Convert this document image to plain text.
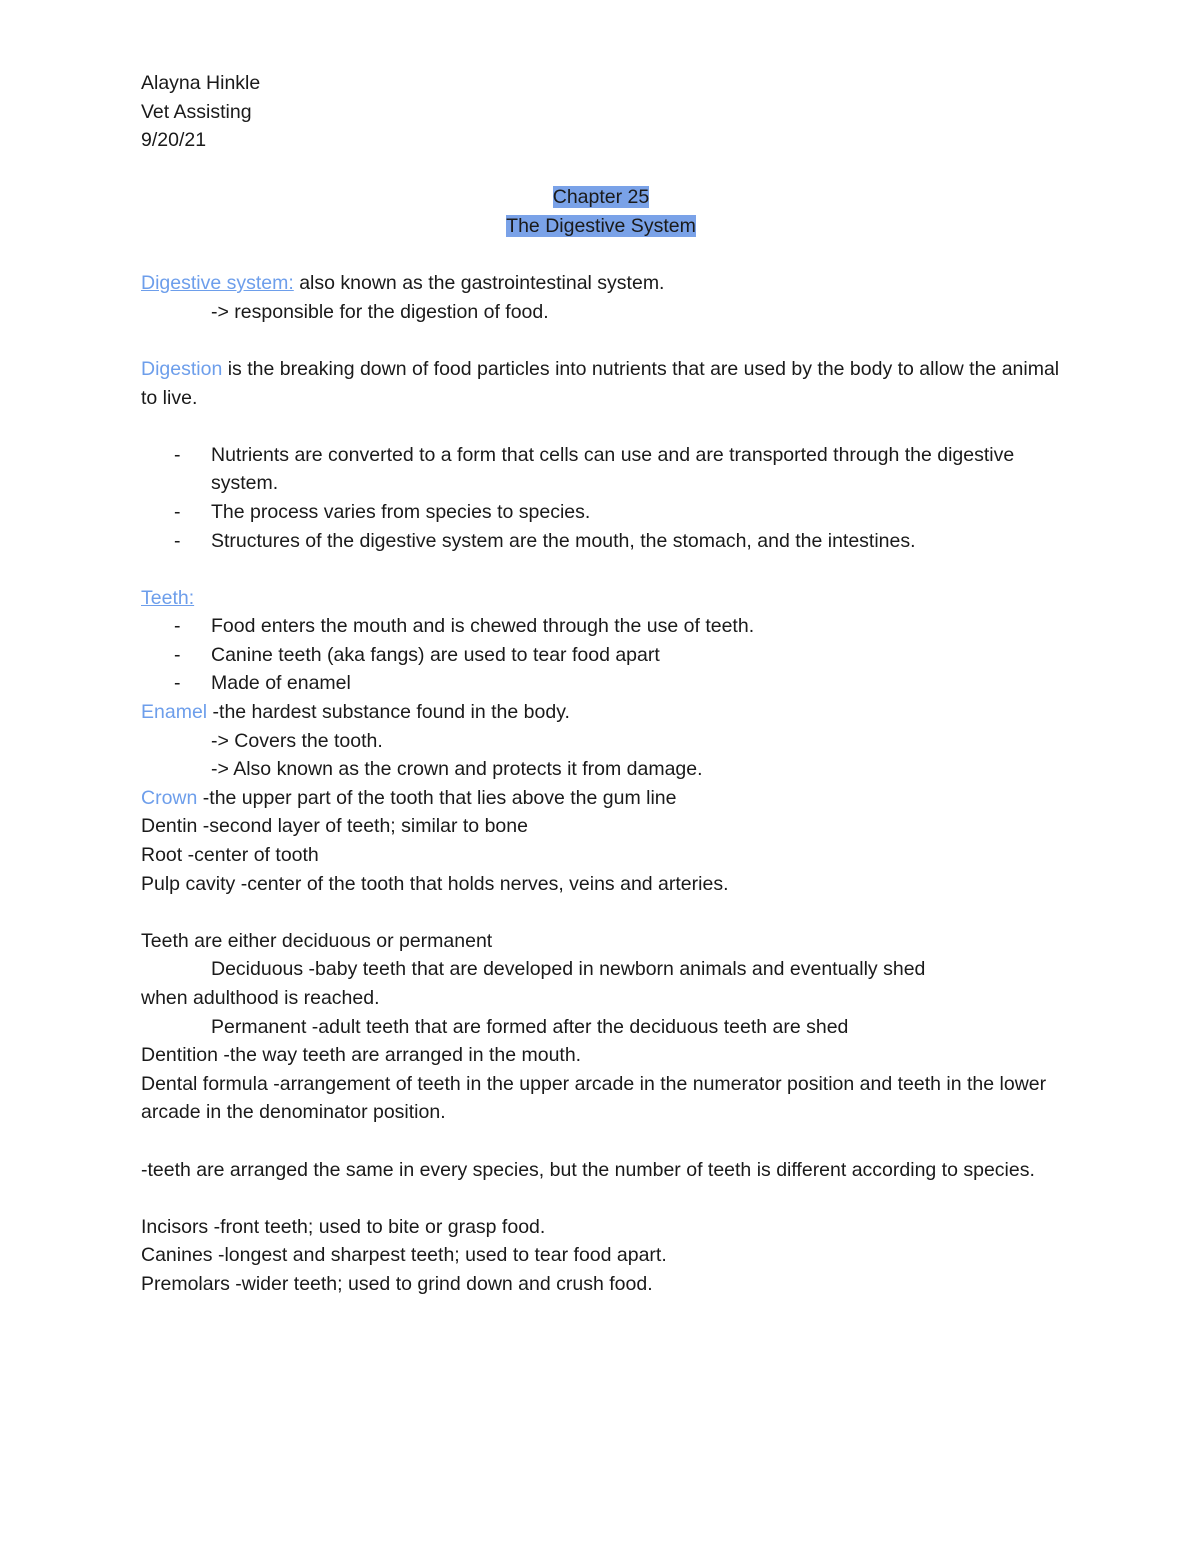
Alayna Hinkle
Vet Assisting
9/20/21
Chapter 25
The Digestive System
Digestive system: also known as the gastrointestinal system.
-> responsible for the digestion of food.
Digestion is the breaking down of food particles into nutrients that are used by the body to allow the animal to live.
- Nutrients are converted to a form that cells can use and are transported through the digestive system.
- The process varies from species to species.
- Structures of the digestive system are the mouth, the stomach, and the intestines.
Teeth:
- Food enters the mouth and is chewed through the use of teeth.
- Canine teeth (aka fangs) are used to tear food apart
- Made of enamel
Enamel -the hardest substance found in the body.
-> Covers the tooth.
-> Also known as the crown and protects it from damage.
Crown -the upper part of the tooth that lies above the gum line
Dentin -second layer of teeth; similar to bone
Root -center of tooth
Pulp cavity -center of the tooth that holds nerves, veins and arteries.
Teeth are either deciduous or permanent
Deciduous -baby teeth that are developed in newborn animals and eventually shed
when adulthood is reached.
Permanent -adult teeth that are formed after the deciduous teeth are shed
Dentition -the way teeth are arranged in the mouth.
Dental formula -arrangement of teeth in the upper arcade in the numerator position and teeth in the lower arcade in the denominator position.
-teeth are arranged the same in every species, but the number of teeth is different according to species.
Incisors -front teeth; used to bite or grasp food.
Canines -longest and sharpest teeth; used to tear food apart.
Premolars -wider teeth; used to grind down and crush food.
